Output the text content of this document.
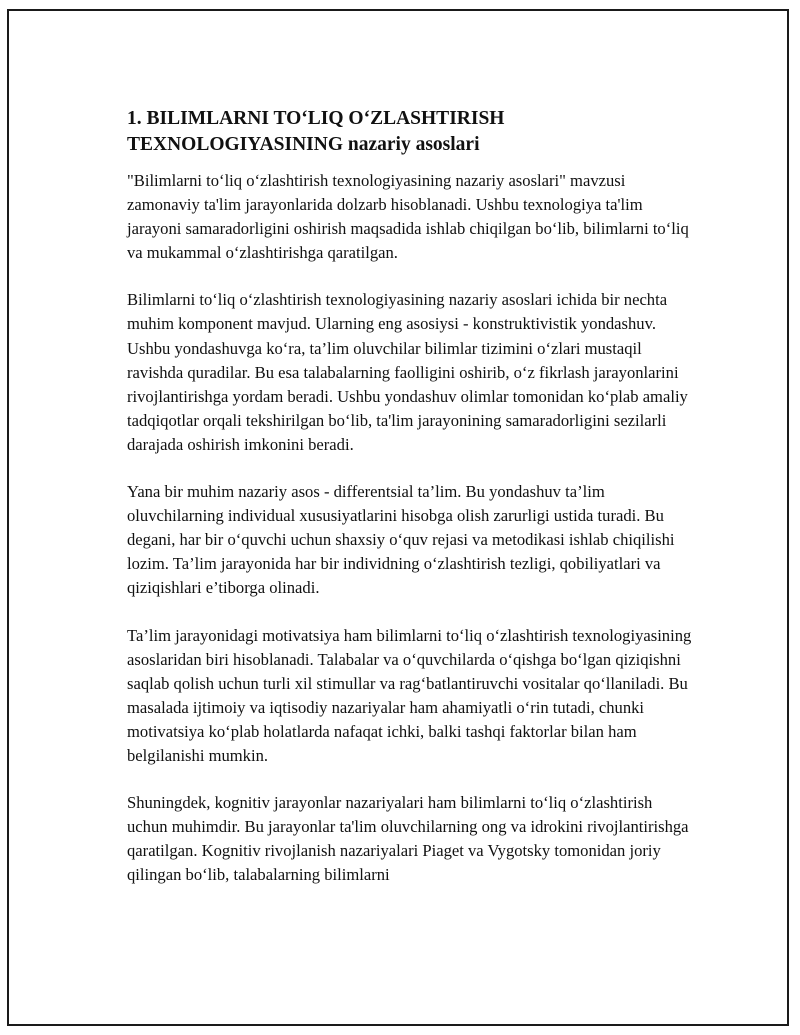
1. BILIMLARNI TO‘LIQ O‘ZLASHTIRISH
TEXNOLOGIYASINING nazariy asoslari

"Bilimlarni to‘liq o‘zlashtirish texnologiyasining nazariy asoslari" mavzusi zamonaviy ta'lim jarayonlarida dolzarb hisoblanadi. Ushbu texnologiya ta'lim jarayoni samaradorligini oshirish maqsadida ishlab chiqilgan bo‘lib, bilimlarni to‘liq va mukammal o‘zlashtirishga qaratilgan.

Bilimlarni to‘liq o‘zlashtirish texnologiyasining nazariy asoslari ichida bir nechta muhim komponent mavjud. Ularning eng asosiysi - konstruktivistik yondashuv. Ushbu yondashuvga ko‘ra, ta’lim oluvchilar bilimlar tizimini o‘zlari mustaqil ravishda quradilar. Bu esa talabalarning faolligini oshirib, o‘z fikrlash jarayonlarini rivojlantirishga yordam beradi. Ushbu yondashuv olimlar tomonidan ko‘plab amaliy tadqiqotlar orqali tekshirilgan bo‘lib, ta'lim jarayonining samaradorligini sezilarli darajada oshirish imkonini beradi.

Yana bir muhim nazariy asos - differentsial ta’lim. Bu yondashuv ta’lim oluvchilarning individual xususiyatlarini hisobga olish zarurligi ustida turadi. Bu degani, har bir o‘quvchi uchun shaxsiy o‘quv rejasi va metodikasi ishlab chiqilishi lozim. Ta’lim jarayonida har bir individning o‘zlashtirish tezligi, qobiliyatlari va qiziqishlari e’tiborga olinadi.

Ta’lim jarayonidagi motivatsiya ham bilimlarni to‘liq o‘zlashtirish texnologiyasining asoslaridan biri hisoblanadi. Talabalar va o‘quvchilarda o‘qishga bo‘lgan qiziqishni saqlab qolish uchun turli xil stimullar va rag‘batlantiruvchi vositalar qo‘llaniladi. Bu masalada ijtimoiy va iqtisodiy nazariyalar ham ahamiyatli o‘rin tutadi, chunki motivatsiya ko‘plab holatlarda nafaqat ichki, balki tashqi faktorlar bilan ham belgilanishi mumkin.

Shuningdek, kognitiv jarayonlar nazariyalari ham bilimlarni to‘liq o‘zlashtirish uchun muhimdir. Bu jarayonlar ta'lim oluvchilarning ong va idrokini rivojlantirishga qaratilgan. Kognitiv rivojlanish nazariyalari Piaget va Vygotsky tomonidan joriy qilingan bo‘lib, talabalarning bilimlarni
